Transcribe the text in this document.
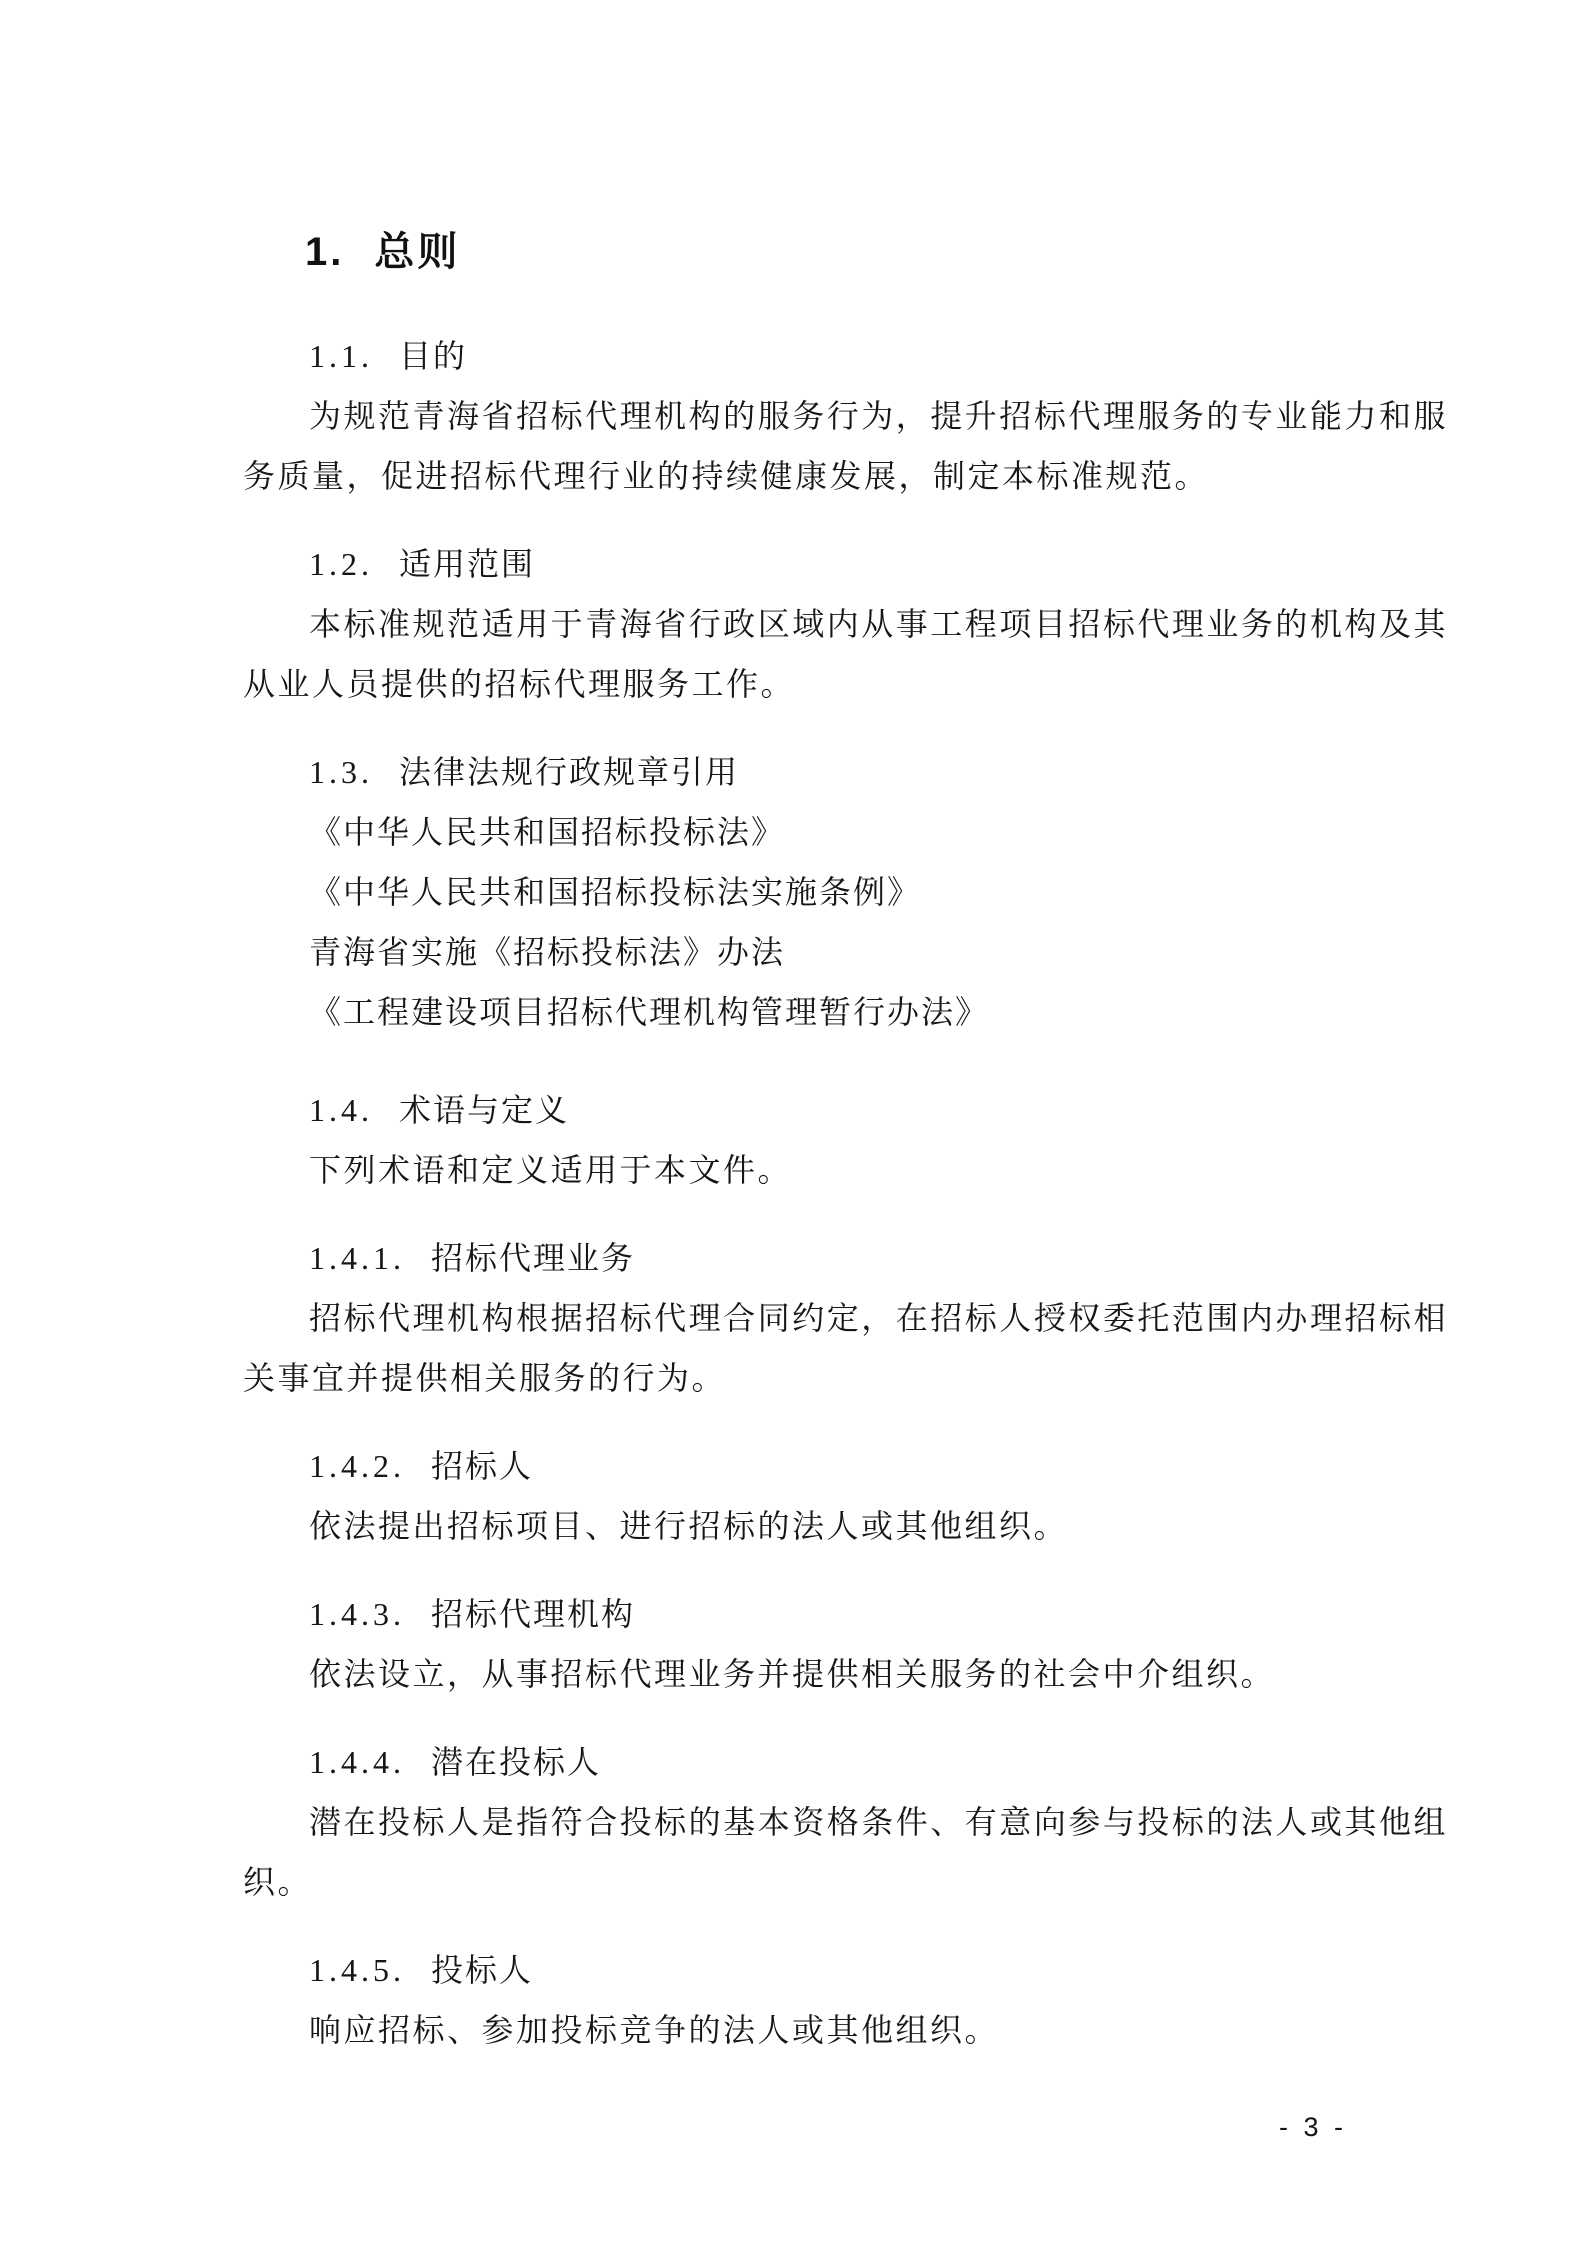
1. 总则
1.1. 目的

为规范青海省招标代理机构的服务行为，提升招标代理服务的专业能力和服务质量，促进招标代理行业的持续健康发展，制定本标准规范。

1.2. 适用范围

本标准规范适用于青海省行政区域内从事工程项目招标代理业务的机构及其从业人员提供的招标代理服务工作。

1.3. 法律法规行政规章引用

《中华人民共和国招标投标法》

《中华人民共和国招标投标法实施条例》

青海省实施《招标投标法》办法

《工程建设项目招标代理机构管理暂行办法》

1.4. 术语与定义

下列术语和定义适用于本文件。

1.4.1. 招标代理业务

招标代理机构根据招标代理合同约定，在招标人授权委托范围内办理招标相关事宜并提供相关服务的行为。

1.4.2. 招标人

依法提出招标项目、进行招标的法人或其他组织。

1.4.3. 招标代理机构

依法设立，从事招标代理业务并提供相关服务的社会中介组织。

1.4.4. 潜在投标人

潜在投标人是指符合投标的基本资格条件、有意向参与投标的法人或其他组织。

1.4.5. 投标人

响应招标、参加投标竞争的法人或其他组织。

- 3 -
